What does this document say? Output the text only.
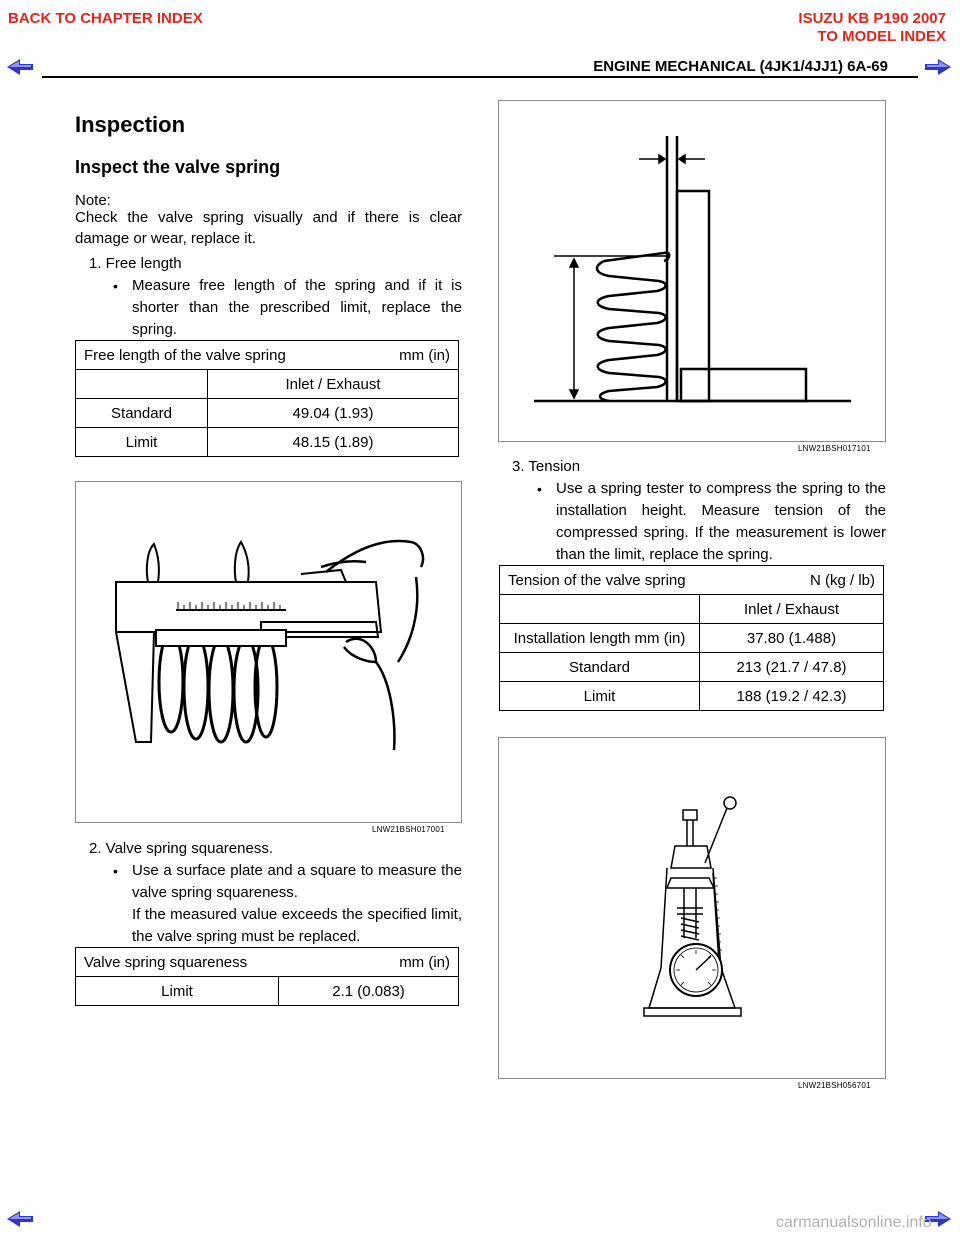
BACK TO CHAPTER INDEX	ISUZU KB P190 2007
TO MODEL INDEX
ENGINE MECHANICAL (4JK1/4JJ1) 6A-69
Inspection
Inspect the valve spring
Note:
Check the valve spring visually and if there is clear damage or wear, replace it.
1. Free length
• Measure free length of the spring and if it is shorter than the prescribed limit, replace the spring.
Free length of the valve spring mm (in)	

	Inlet / Exhaust
Standard	49.04 (1.93)
Limit	48.15 (1.89)
LNW21BSH017001
2. Valve spring squareness.
• Use a surface plate and a square to measure the valve spring squareness.
If the measured value exceeds the specified limit, the valve spring must be replaced.
Valve spring squareness	mm (in)

Limit	2.1 (0.083)
LNW21BSH017101
3. Tension
• Use a spring tester to compress the spring to the installation height. Measure tension of the compressed spring. If the measurement is lower than the limit, replace the spring.
Tension of the valve spring N (kg / lb)	

	Inlet / Exhaust
Installation length mm (in)	37.80 (1.488)
Standard	213 (21.7 / 47.8)
Limit	188 (19.2 / 42.3)
LNW21BSH056701
carmanualsonline.info
